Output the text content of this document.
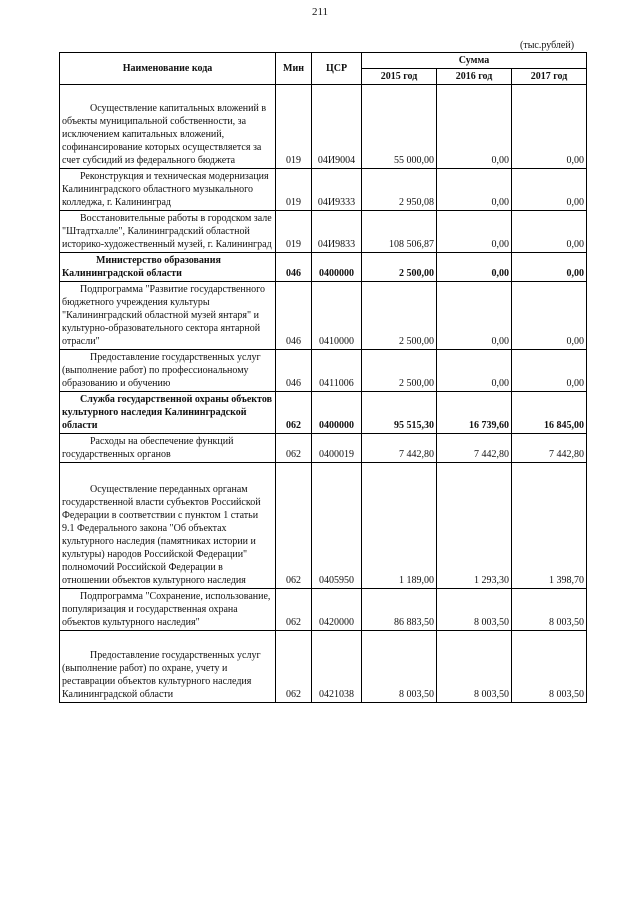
211
(тыс.рублей)
Наименование кода	Мин	ЦСР	Сумма		
			2015 год	2016 год	2017 год

Осуществление капитальных вложений в объекты муниципальной собственности, за исключением капитальных вложений, софинансирование которых осуществляется за счет субсидий из федерального бюджета	019	04И9004	55 000,00	0,00	0,00
Реконструкция и техническая модернизация Калининградского областного музыкального колледжа, г. Калининград	019	04И9333	2 950,08	0,00	0,00
Восстановительные работы в городском зале "Штадтхалле", Калининградский областной историко-художественный музей, г. Калининград	019	04И9833	108 506,87	0,00	0,00
Министерство образования Калининградской области	046	0400000	2 500,00	0,00	0,00
Подпрограмма "Развитие государственного бюджетного учреждения культуры "Калининградский областной музей янтаря" и культурно-образовательного сектора янтарной отрасли"	046	0410000	2 500,00	0,00	0,00
Предоставление государственных услуг (выполнение работ) по профессиональному образованию и обучению	046	0411006	2 500,00	0,00	0,00
Служба государственной охраны объектов культурного наследия Калининградской области	062	0400000	95 515,30	16 739,60	16 845,00
Расходы на обеспечение функций государственных органов	062	0400019	7 442,80	7 442,80	7 442,80
Осуществление переданных органам государственной власти субъектов Российской Федерации в соответствии с пунктом 1 статьи 9.1 Федерального закона "Об объектах культурного наследия (памятниках истории и культуры) народов Российской Федерации" полномочий Российской Федерации в отношении объектов культурного наследия	062	0405950	1 189,00	1 293,30	1 398,70
Подпрограмма "Сохранение, использование, популяризация и государственная охрана объектов культурного наследия"	062	0420000	86 883,50	8 003,50	8 003,50
Предоставление государственных услуг (выполнение работ) по охране, учету и реставрации объектов культурного наследия Калининградской области	062	0421038	8 003,50	8 003,50	8 003,50
